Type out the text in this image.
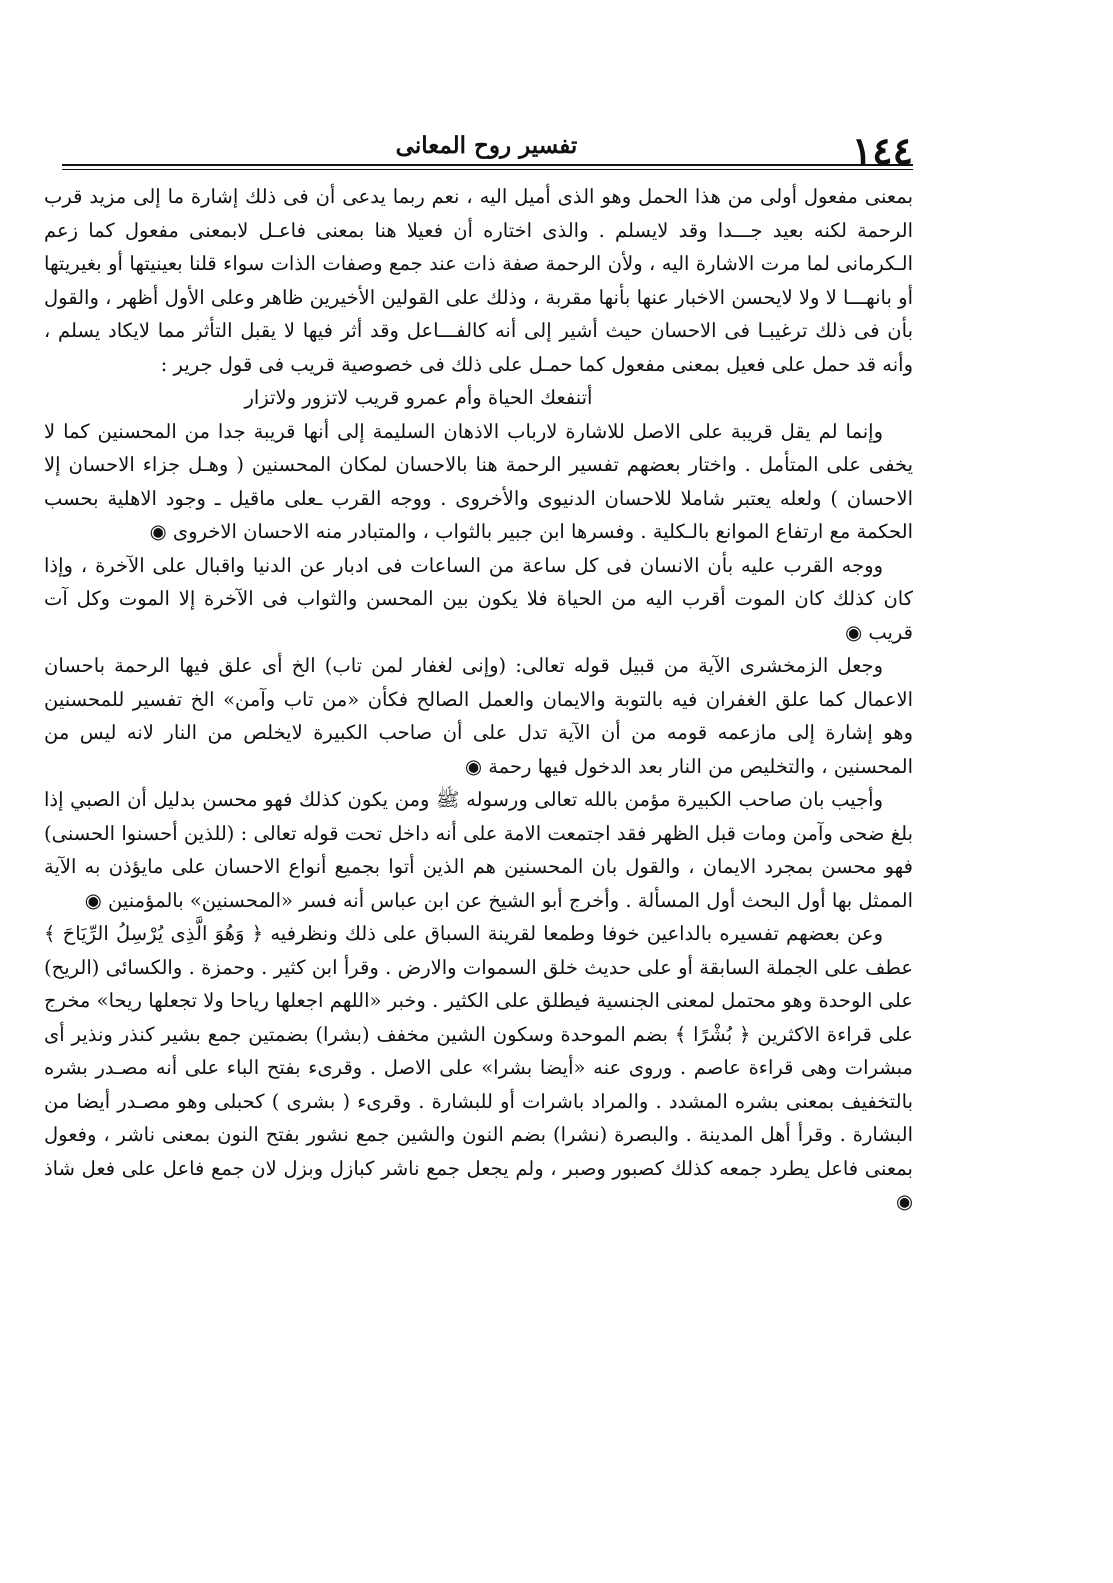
١٤٤
تفسير روح المعانى

بمعنى مفعول أولى من هذا الحمل وهو الذى أميل اليه ، نعم ربما يدعى أن فى ذلك إشارة ما إلى مزيد قرب الرحمة لكنه بعيد جـــدا وقد لايسلم . والذى اختاره أن فعيلا هنا بمعنى فاعـل لابمعنى مفعول كما زعم الـكرمانى لما مرت الاشارة اليه ، ولأن الرحمة صفة ذات عند جمع وصفات الذات سواء قلنا بعينيتها أو بغيريتها أو بانهـــا لا ولا لايحسن الاخبار عنها بأنها مقربة ، وذلك على القولين الأخيرين ظاهر وعلى الأول أظهر ، والقول بأن فى ذلك ترغيبـا فى الاحسان حيث أشير إلى أنه كالفـــاعل وقد أثر فيها لا يقبل التأثر مما لايكاد يسلم ، وأنه قد حمل على فعيل بمعنى مفعول كما حمـل على ذلك فى خصوصية قريب فى قول جرير :

أتنفعك الحياة وأم عمرو قريب لاتزور ولاتزار

وإنما لم يقل قريبة على الاصل للاشارة لارباب الاذهان السليمة إلى أنها قريبة جدا من المحسنين كما لا يخفى على المتأمل . واختار بعضهم تفسير الرحمة هنا بالاحسان لمكان المحسنين ( وهـل جزاء الاحسان إلا الاحسان ) ولعله يعتبر شاملا للاحسان الدنيوى والأخروى . ووجه القرب ـعلى ماقيل ـ وجود الاهلية بحسب الحكمة مع ارتفاع الموانع بالـكلية . وفسرها ابن جبير بالثواب ، والمتبادر منه الاحسان الاخروى ◉

ووجه القرب عليه بأن الانسان فى كل ساعة من الساعات فى ادبار عن الدنيا واقبال على الآخرة ، وإذا كان كذلك كان الموت أقرب اليه من الحياة فلا يكون بين المحسن والثواب فى الآخرة إلا الموت وكل آت قريب ◉

وجعل الزمخشرى الآية من قبيل قوله تعالى: (وإنى لغفار لمن تاب) الخ أى علق فيها الرحمة باحسان الاعمال كما علق الغفران فيه بالتوبة والايمان والعمل الصالح فكأن «من تاب وآمن» الخ تفسير للمحسنين وهو إشارة إلى مازعمه قومه من أن الآية تدل على أن صاحب الكبيرة لايخلص من النار لانه ليس من المحسنين ، والتخليص من النار بعد الدخول فيها رحمة ◉

وأجيب بان صاحب الكبيرة مؤمن بالله تعالى ورسوله ﷺ ومن يكون كذلك فهو محسن بدليل أن الصبي إذا بلغ ضحى وآمن ومات قبل الظهر فقد اجتمعت الامة على أنه داخل تحت قوله تعالى : (للذين أحسنوا الحسنى) فهو محسن بمجرد الايمان ، والقول بان المحسنين هم الذين أتوا بجميع أنواع الاحسان على مايؤذن به الآية الممثل بها أول البحث أول المسألة . وأخرج أبو الشيخ عن ابن عباس أنه فسر «المحسنين» بالمؤمنين ◉

وعن بعضهم تفسيره بالداعين خوفا وطمعا لقرينة السباق على ذلك ونظرفيه ﴿ وَهُوَ الَّذِى يُرْسِلُ الرِّيَاحَ ﴾ عطف على الجملة السابقة أو على حديث خلق السموات والارض . وقرأ ابن كثير . وحمزة . والكسائى (الريح) على الوحدة وهو محتمل لمعنى الجنسية فيطلق على الكثير . وخبر «اللهم اجعلها رياحا ولا تجعلها ريحا» مخرج على قراءة الاكثرين ﴿ بُشْرًا ﴾ بضم الموحدة وسكون الشين مخفف (بشرا) بضمتين جمع بشير كنذر ونذير أى مبشرات وهى قراءة عاصم . وروى عنه «أيضا بشرا» على الاصل . وقرىء بفتح الباء على أنه مصـدر بشره بالتخفيف بمعنى بشره المشدد . والمراد باشرات أو للبشارة . وقرىء ( بشرى ) كحبلى وهو مصـدر أيضا من البشارة . وقرأ أهل المدينة . والبصرة (نشرا) بضم النون والشين جمع نشور بفتح النون بمعنى ناشر ، وفعول بمعنى فاعل يطرد جمعه كذلك كصبور وصبر ، ولم يجعل جمع ناشر كبازل وبزل لان جمع فاعل على فعل شاذ ◉
